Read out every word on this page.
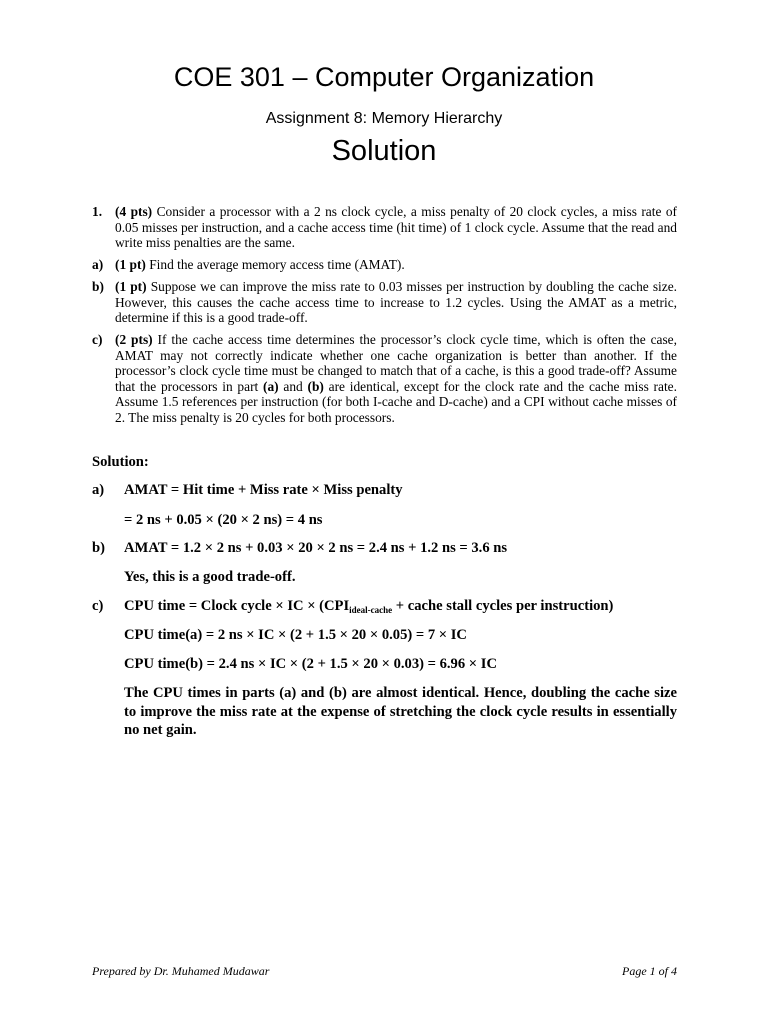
COE 301 – Computer Organization
Assignment 8: Memory Hierarchy
Solution
1. (4 pts) Consider a processor with a 2 ns clock cycle, a miss penalty of 20 clock cycles, a miss rate of 0.05 misses per instruction, and a cache access time (hit time) of 1 clock cycle. Assume that the read and write miss penalties are the same.
a) (1 pt) Find the average memory access time (AMAT).
b) (1 pt) Suppose we can improve the miss rate to 0.03 misses per instruction by doubling the cache size. However, this causes the cache access time to increase to 1.2 cycles. Using the AMAT as a metric, determine if this is a good trade-off.
c) (2 pts) If the cache access time determines the processor’s clock cycle time, which is often the case, AMAT may not correctly indicate whether one cache organization is better than another. If the processor’s clock cycle time must be changed to match that of a cache, is this a good trade-off? Assume that the processors in part (a) and (b) are identical, except for the clock rate and the cache miss rate. Assume 1.5 references per instruction (for both I-cache and D-cache) and a CPI without cache misses of 2. The miss penalty is 20 cycles for both processors.
Solution:
a) AMAT = Hit time + Miss rate × Miss penalty
= 2 ns + 0.05 × (20 × 2 ns) = 4 ns
b) AMAT = 1.2 × 2 ns + 0.03 × 20 × 2 ns = 2.4 ns + 1.2 ns = 3.6 ns
Yes, this is a good trade-off.
c) CPU time = Clock cycle × IC × ($CPI_{ideal-cache}$ + cache stall cycles per instruction)
CPU time(a) = 2 ns × IC × (2 + 1.5 × 20 × 0.05) = 7 × IC
CPU time(b) = 2.4 ns × IC × (2 + 1.5 × 20 × 0.03) = 6.96 × IC
The CPU times in parts (a) and (b) are almost identical. Hence, doubling the cache size to improve the miss rate at the expense of stretching the clock cycle results in essentially no net gain.
Prepared by Dr. Muhamed Mudawar	Page 1 of 4
